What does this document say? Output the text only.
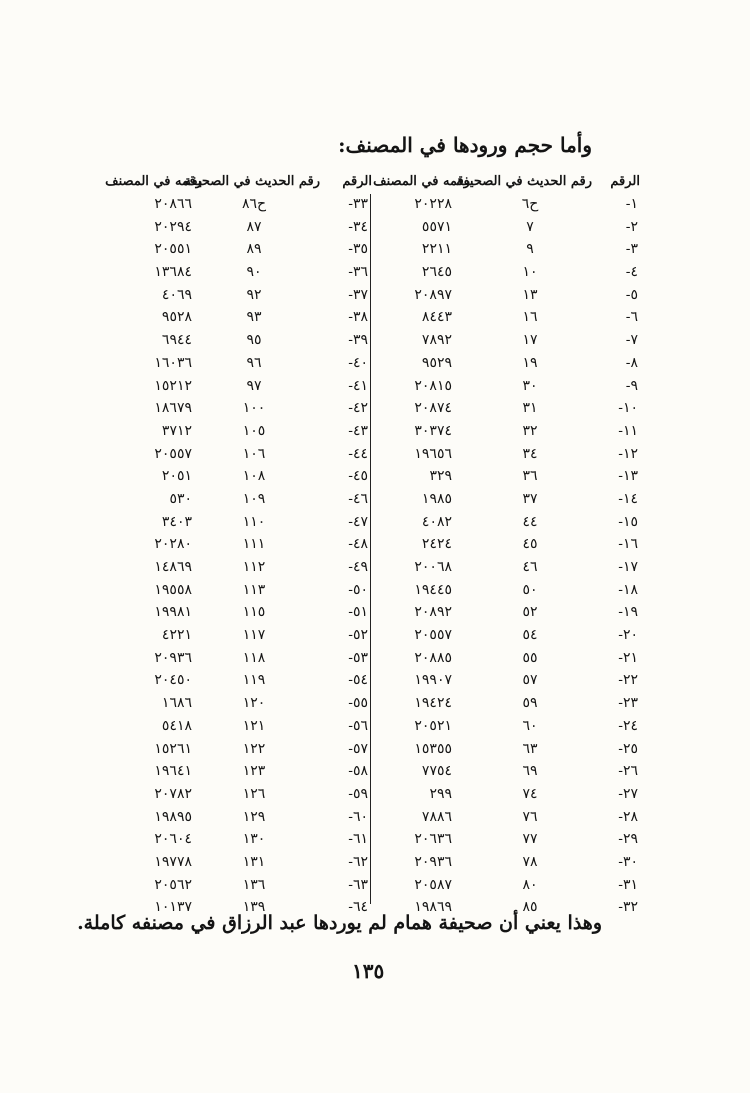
وأما حجم ورودها في المصنف:
الرقم
رقم الحديث في الصحيفة
رقمه في المصنف
-١
ح٦
٢٠٢٢٨
-٢
٧
٥٥٧١
-٣
٩
٢٢١١
-٤
١٠
٢٦٤٥
-٥
١٣
٢٠٨٩٧
-٦
١٦
٨٤٤٣
-٧
١٧
٧٨٩٢
-٨
١٩
٩٥٢٩
-٩
٣٠
٢٠٨١٥
-١٠
٣١
٢٠٨٧٤
-١١
٣٢
٣٠٣٧٤
-١٢
٣٤
١٩٦٥٦
-١٣
٣٦
٣٢٩
-١٤
٣٧
١٩٨٥
-١٥
٤٤
٤٠٨٢
-١٦
٤٥
٢٤٢٤
-١٧
٤٦
٢٠٠٦٨
-١٨
٥٠
١٩٤٤٥
-١٩
٥٢
٢٠٨٩٢
-٢٠
٥٤
٢٠٥٥٧
-٢١
٥٥
٢٠٨٨٥
-٢٢
٥٧
١٩٩٠٧
-٢٣
٥٩
١٩٤٢٤
-٢٤
٦٠
٢٠٥٢١
-٢٥
٦٣
١٥٣٥٥
-٢٦
٦٩
٧٧٥٤
-٢٧
٧٤
٢٩٩
-٢٨
٧٦
٧٨٨٦
-٢٩
٧٧
٢٠٦٣٦
-٣٠
٧٨
٢٠٩٣٦
-٣١
٨٠
٢٠٥٨٧
-٣٢
٨٥
١٩٨٦٩
الرقم
رقم الحديث في الصحيفة
رقمه في المصنف
-٣٣
ح٨٦
٢٠٨٦٦
-٣٤
٨٧
٢٠٢٩٤
-٣٥
٨٩
٢٠٥٥١
-٣٦
٩٠
١٣٦٨٤
-٣٧
٩٢
٤٠٦٩
-٣٨
٩٣
٩٥٢٨
-٣٩
٩٥
٦٩٤٤
-٤٠
٩٦
١٦٠٣٦
-٤١
٩٧
١٥٢١٢
-٤٢
١٠٠
١٨٦٧٩
-٤٣
١٠٥
٣٧١٢
-٤٤
١٠٦
٢٠٥٥٧
-٤٥
١٠٨
٢٠٥١
-٤٦
١٠٩
٥٣٠
-٤٧
١١٠
٣٤٠٣
-٤٨
١١١
٢٠٢٨٠
-٤٩
١١٢
١٤٨٦٩
-٥٠
١١٣
١٩٥٥٨
-٥١
١١٥
١٩٩٨١
-٥٢
١١٧
٤٢٢١
-٥٣
١١٨
٢٠٩٣٦
-٥٤
١١٩
٢٠٤٥٠
-٥٥
١٢٠
١٦٨٦
-٥٦
١٢١
٥٤١٨
-٥٧
١٢٢
١٥٢٦١
-٥٨
١٢٣
١٩٦٤١
-٥٩
١٢٦
٢٠٧٨٢
-٦٠
١٢٩
١٩٨٩٥
-٦١
١٣٠
٢٠٦٠٤
-٦٢
١٣١
١٩٧٧٨
-٦٣
١٣٦
٢٠٥٦٢
-٦٤
١٣٩
١٠١٣٧
وهذا يعني أن صحيفة همام لم يوردها عبد الرزاق في مصنفه كاملة.
١٣٥
